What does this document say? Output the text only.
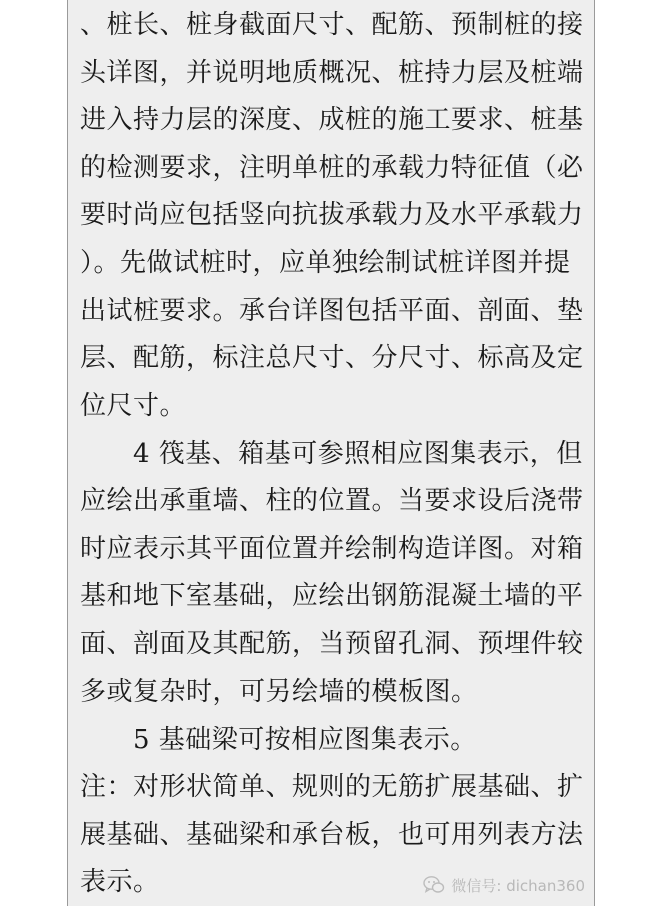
、桩长、桩身截面尺寸、配筋、预制桩的接
头详图，并说明地质概况、桩持力层及桩端
进入持力层的深度、成桩的施工要求、桩基
的检测要求，注明单桩的承载力特征值（必
要时尚应包括竖向抗拔承载力及水平承载力
）。先做试桩时，应单独绘制试桩详图并提
出试桩要求。承台详图包括平面、剖面、垫
层、配筋，标注总尺寸、分尺寸、标高及定
位尺寸。
4 筏基、箱基可参照相应图集表示，但
应绘出承重墙、柱的位置。当要求设后浇带
时应表示其平面位置并绘制构造详图。对箱
基和地下室基础，应绘出钢筋混凝土墙的平
面、剖面及其配筋，当预留孔洞、预埋件较
多或复杂时，可另绘墙的模板图。
5 基础梁可按相应图集表示。
注：对形状简单、规则的无筋扩展基础、扩
展基础、基础梁和承台板，也可用列表方法
表示。	微信号: dichan360
